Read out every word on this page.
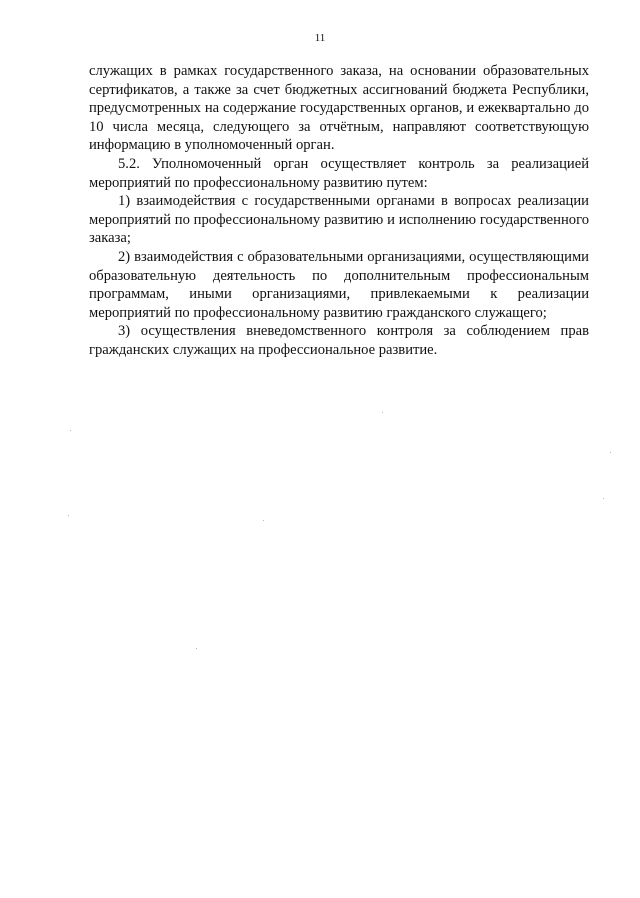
11

служащих в рамках государственного заказа, на основании образовательных сертификатов, а также за счет бюджетных ассигнований бюджета Республики, предусмотренных на содержание государственных органов, и ежеквартально до 10 числа месяца, следующего за отчётным, направляют соответствующую информацию в уполномоченный орган.

5.2. Уполномоченный орган осуществляет контроль за реализацией мероприятий по профессиональному развитию путем:

1) взаимодействия с государственными органами в вопросах реализации мероприятий по профессиональному развитию и исполнению государственного заказа;

2) взаимодействия с образовательными организациями, осуществляющими образовательную деятельность по дополнительным профессиональным программам, иными организациями, привлекаемыми к реализации мероприятий по профессиональному развитию гражданского служащего;

3) осуществления вневедомственного контроля за соблюдением прав гражданских служащих на профессиональное развитие.
